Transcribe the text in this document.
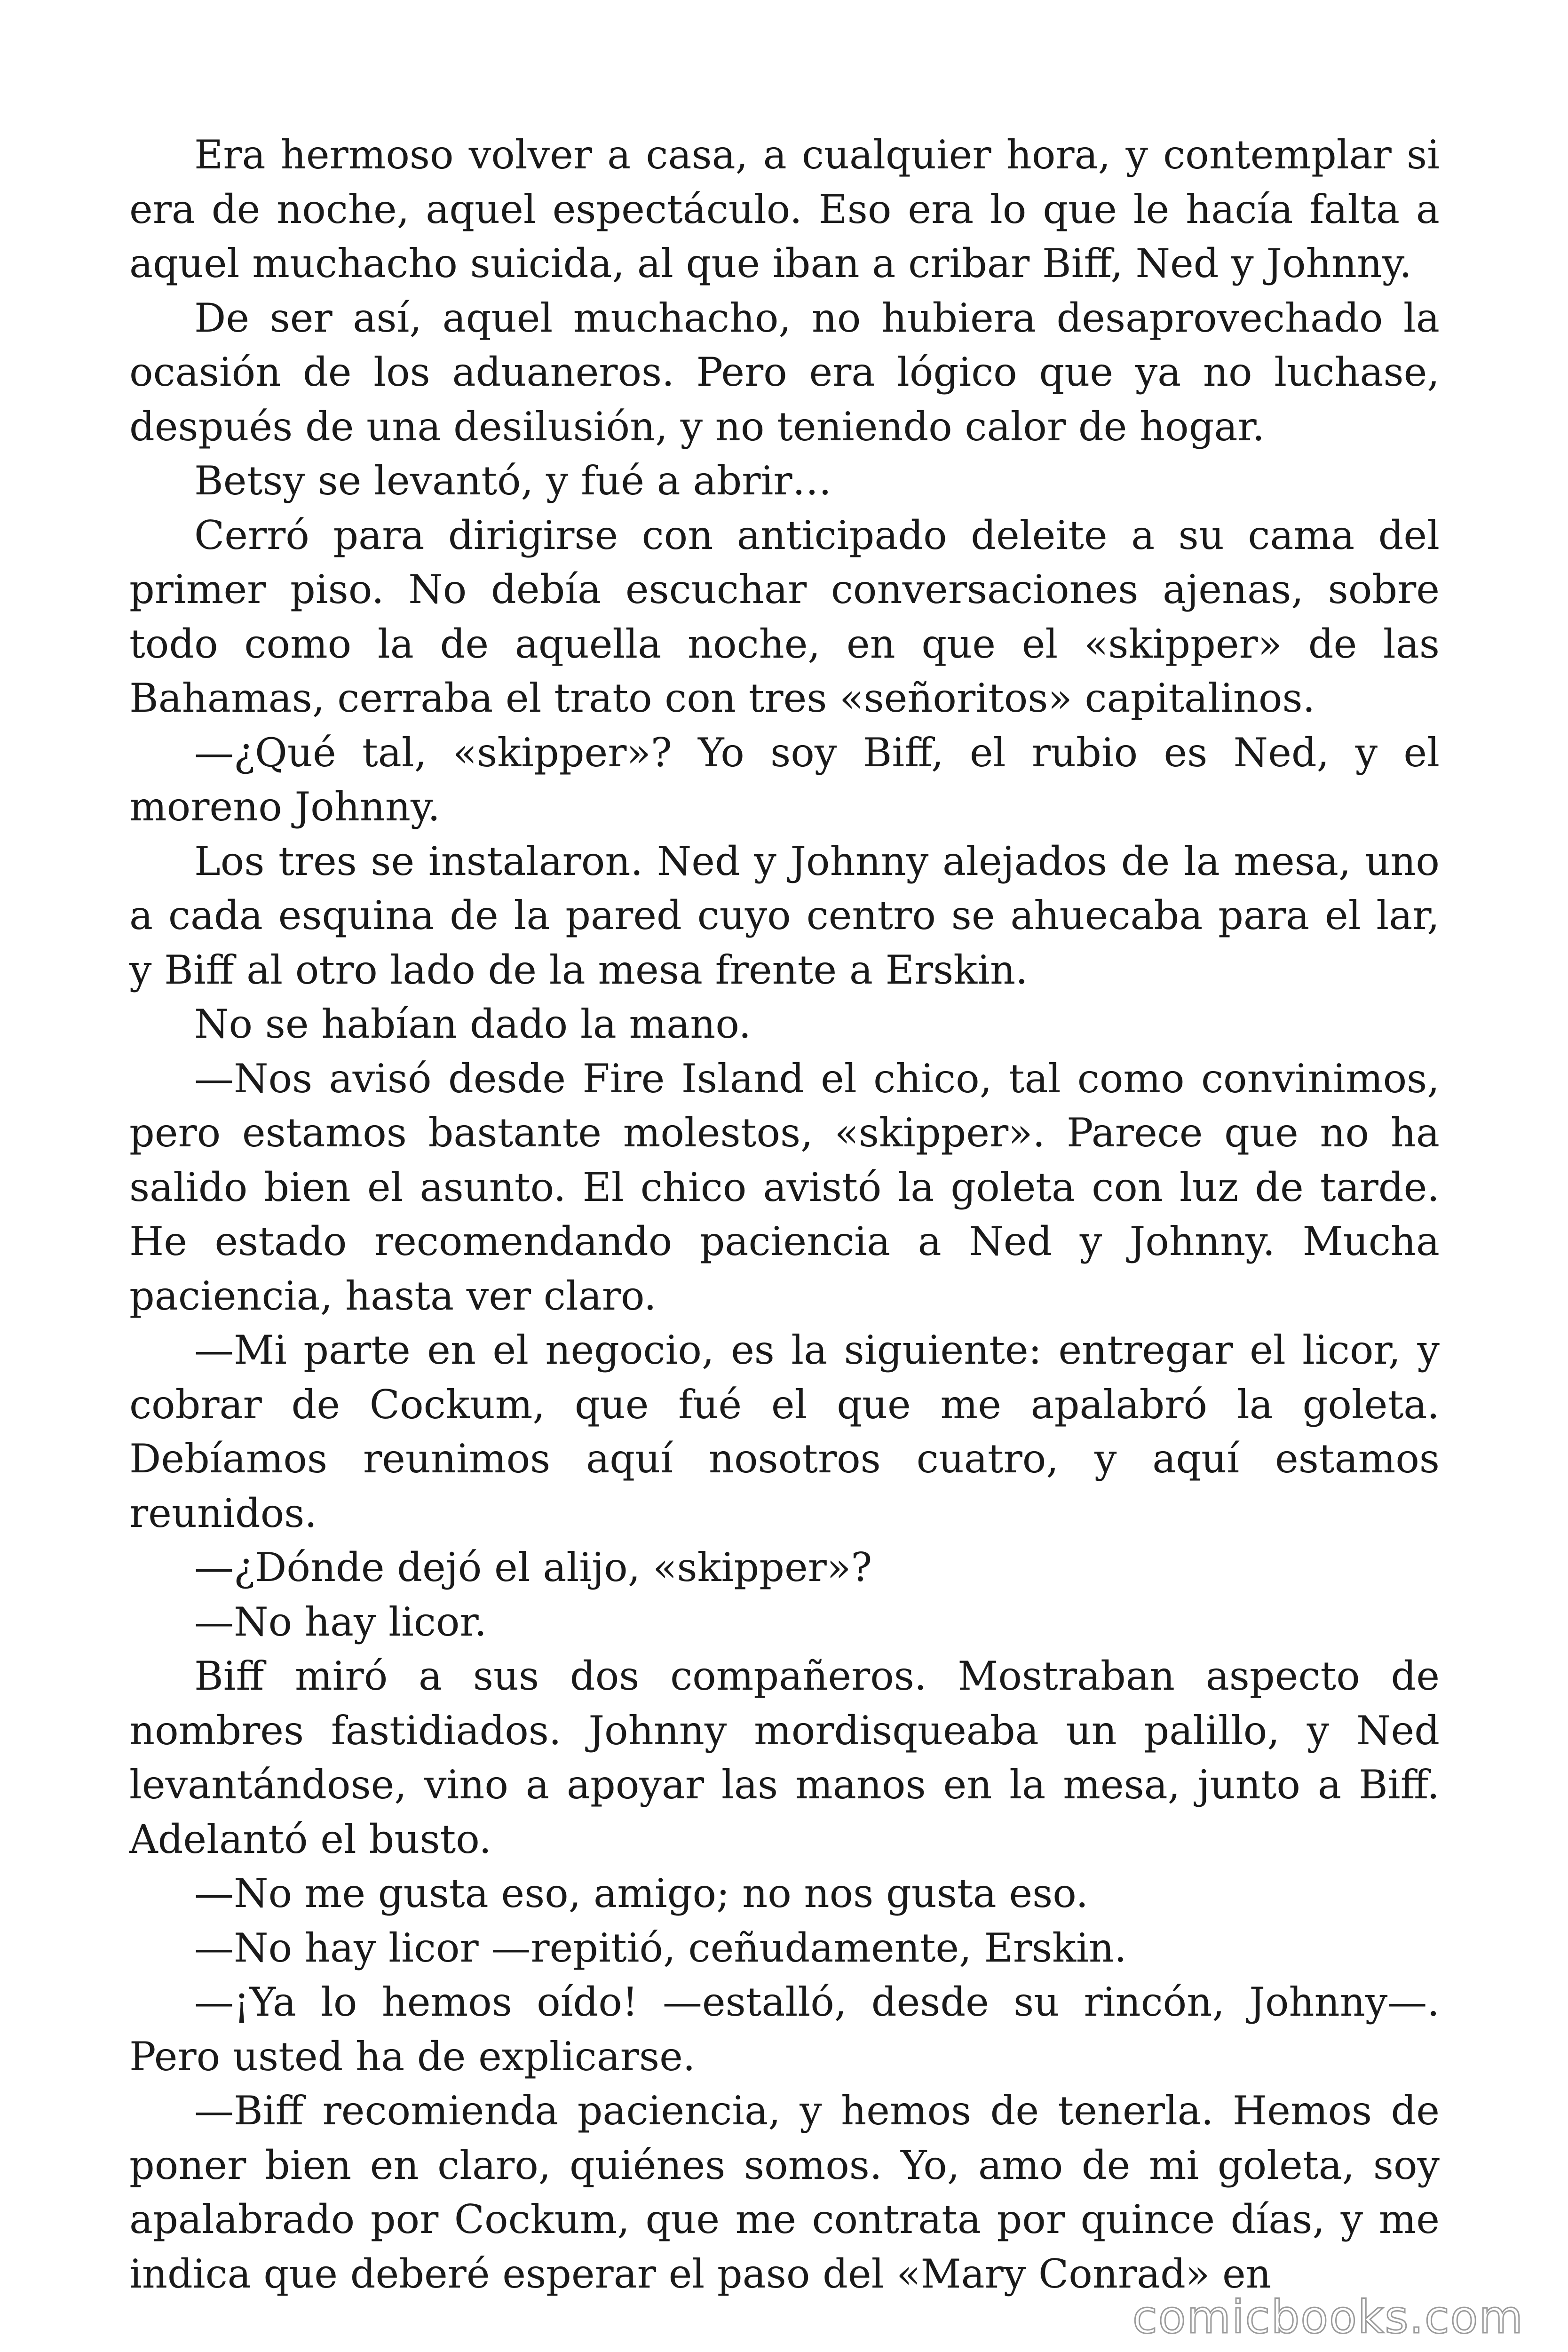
Era hermoso volver a casa, a cualquier hora, y contemplar si era de noche, aquel espectáculo. Eso era lo que le hacía falta a aquel muchacho suicida, al que iban a cribar Biff, Ned y Johnny.

De ser así, aquel muchacho, no hubiera desaprovechado la ocasión de los aduaneros. Pero era lógico que ya no luchase, después de una desilusión, y no teniendo calor de hogar.

Betsy se levantó, y fué a abrir…

Cerró para dirigirse con anticipado deleite a su cama del primer piso. No debía escuchar conversaciones ajenas, sobre todo como la de aquella noche, en que el «skipper» de las Bahamas, cerraba el trato con tres «señoritos» capitalinos.

—¿Qué tal, «skipper»? Yo soy Biff, el rubio es Ned, y el moreno Johnny.

Los tres se instalaron. Ned y Johnny alejados de la mesa, uno a cada esquina de la pared cuyo centro se ahuecaba para el lar, y Biff al otro lado de la mesa frente a Erskin.

No se habían dado la mano.

—Nos avisó desde Fire Island el chico, tal como convinimos, pero estamos bastante molestos, «skipper». Parece que no ha salido bien el asunto. El chico avistó la goleta con luz de tarde. He estado recomendando paciencia a Ned y Johnny. Mucha paciencia, hasta ver claro.

—Mi parte en el negocio, es la siguiente: entregar el licor, y cobrar de Cockum, que fué el que me apalabró la goleta. Debíamos reunimos aquí nosotros cuatro, y aquí estamos reunidos.

—¿Dónde dejó el alijo, «skipper»?

—No hay licor.

Biff miró a sus dos compañeros. Mostraban aspecto de nombres fastidiados. Johnny mordisqueaba un palillo, y Ned levantándose, vino a apoyar las manos en la mesa, junto a Biff. Adelantó el busto.

—No me gusta eso, amigo; no nos gusta eso.

—No hay licor —repitió, ceñudamente, Erskin.

—¡Ya lo hemos oído! —estalló, desde su rincón, Johnny—. Pero usted ha de explicarse.

—Biff recomienda paciencia, y hemos de tenerla. Hemos de poner bien en claro, quiénes somos. Yo, amo de mi goleta, soy apalabrado por Cockum, que me contrata por quince días, y me indica que deberé esperar el paso del «Mary Conrad» en

comicbooks.com
